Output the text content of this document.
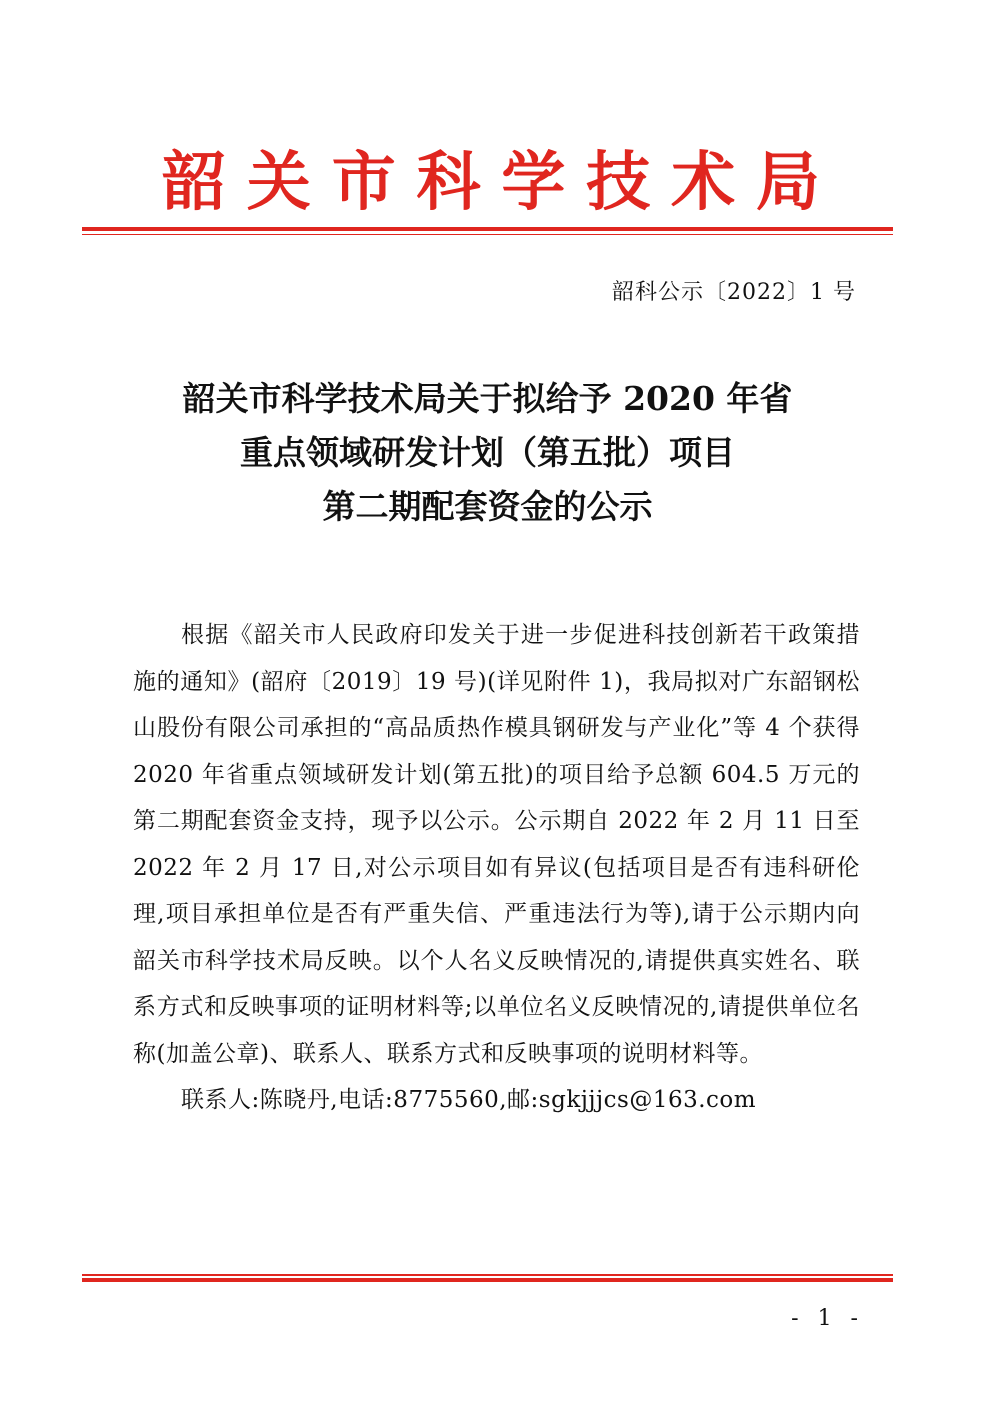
韶 关 市 科 学 技 术 局
韶科公示〔2022〕1 号
韶关市科学技术局关于拟给予 2020 年省
重点领域研发计划（第五批）项目
第二期配套资金的公示

根据《韶关市人民政府印发关于进一步促进科技创新若干政策措施的通知》(韶府〔2019〕19 号)(详见附件 1)，我局拟对广东韶钢松山股份有限公司承担的“高品质热作模具钢研发与产业化”等 4 个获得 2020 年省重点领域研发计划(第五批)的项目给予总额 604.5 万元的第二期配套资金支持，现予以公示。公示期自 2022 年 2 月 11 日至 2022 年 2 月 17 日,对公示项目如有异议(包括项目是否有违科研伦理,项目承担单位是否有严重失信、严重违法行为等),请于公示期内向韶关市科学技术局反映。以个人名义反映情况的,请提供真实姓名、联系方式和反映事项的证明材料等;以单位名义反映情况的,请提供单位名称(加盖公章)、联系人、联系方式和反映事项的说明材料等。

联系人:陈晓丹,电话:8775560,邮:sgkjjjcs@163.com

- 1 -
